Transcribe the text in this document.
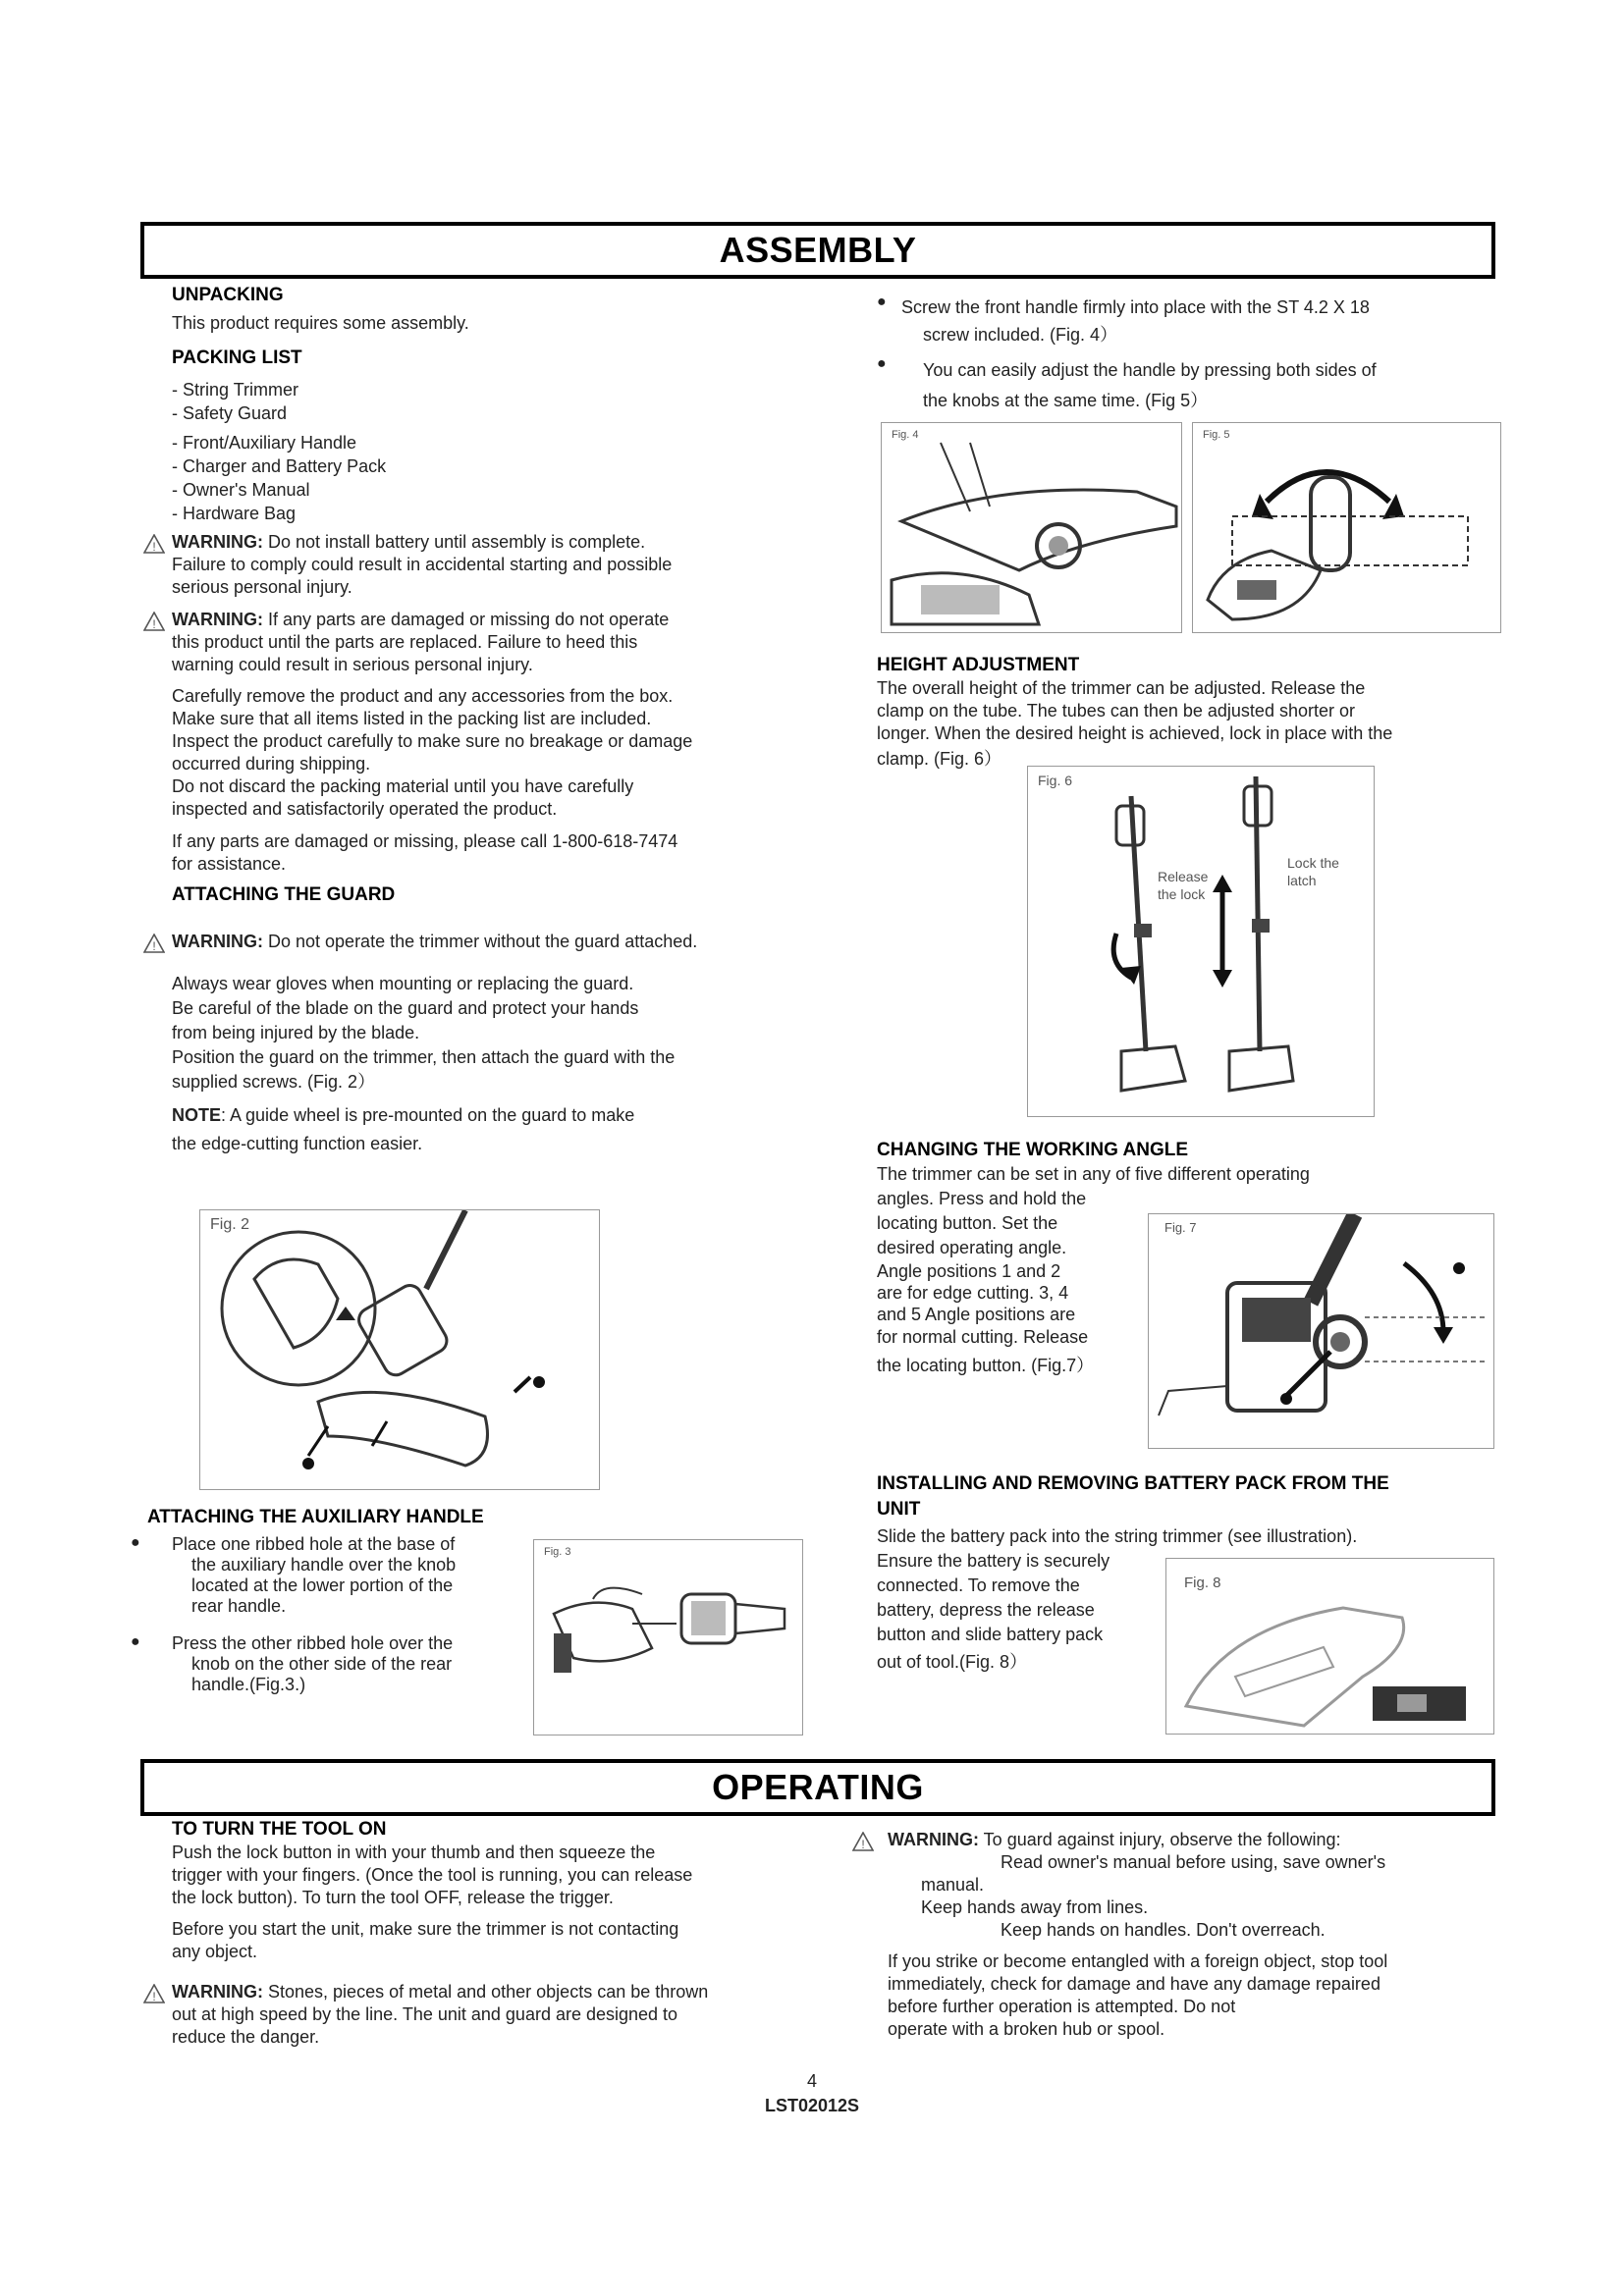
ASSEMBLY
UNPACKING
This product requires some assembly.
PACKING LIST
- String Trimmer
- Safety Guard
- Front/Auxiliary Handle
- Charger and Battery Pack
- Owner's Manual
- Hardware Bag
! WARNING: Do not install battery until assembly is complete.
Failure to comply could result in accidental starting and possible
serious personal injury.
! WARNING: If any parts are damaged or missing do not operate
this product until the parts are replaced. Failure to heed this
warning could result in serious personal injury.
Carefully remove the product and any accessories from the box.
Make sure that all items listed in the packing list are included.
Inspect the product carefully to make sure no breakage or damage
occurred during shipping.
Do not discard the packing material until you have carefully
inspected and satisfactorily operated the product.
If any parts are damaged or missing, please call 1-800-618-7474
for assistance.
ATTACHING THE GUARD
! WARNING: Do not operate the trimmer without the guard attached.
Always wear gloves when mounting or replacing the guard.
Be careful of the blade on the guard and protect your hands
from being injured by the blade.
Position the guard on the trimmer, then attach the guard with the
supplied screws. (Fig. 2）
NOTE: A guide wheel is pre-mounted on the guard to make
the edge-cutting function easier.
Fig. 2
ATTACHING THE AUXILIARY HANDLE
● Place one ribbed hole at the base of
the auxiliary handle over the knob
located at the lower portion of the
rear handle.
● Press the other ribbed hole over the
knob on the other side of the rear
handle.(Fig.3.)
Fig. 3
● Screw the front handle firmly into place with the ST 4.2 X 18
screw included. (Fig. 4）
● You can easily adjust the handle by pressing both sides of
the knobs at the same time. (Fig 5）
Fig. 4	Fig. 5
HEIGHT ADJUSTMENT
The overall height of the trimmer can be adjusted. Release the
clamp on the tube. The tubes can then be adjusted shorter or
longer. When the desired height is achieved, lock in place with the
clamp. (Fig. 6）
Fig. 6
Release
the lock
Lock the
latch
CHANGING THE WORKING ANGLE
The trimmer can be set in any of five different operating
angles. Press and hold the
locating button. Set the
desired operating angle.
Angle positions 1 and 2
are for edge cutting. 3, 4
and 5 Angle positions are
for normal cutting. Release
the locating button. (Fig.7）
Fig. 7
INSTALLING AND REMOVING BATTERY PACK FROM THE
UNIT
Slide the battery pack into the string trimmer (see illustration).
Ensure the battery is securely
connected. To remove the
battery, depress the release
button and slide battery pack
out of tool.(Fig. 8）
Fig. 8
OPERATING
TO TURN THE TOOL ON
Push the lock button in with your thumb and then squeeze the
trigger with your fingers. (Once the tool is running, you can release
the lock button). To turn the tool OFF, release the trigger.
Before you start the unit, make sure the trimmer is not contacting
any object.
! WARNING: Stones, pieces of metal and other objects can be thrown
out at high speed by the line. The unit and guard are designed to
reduce the danger.
! WARNING: To guard against injury, observe the following:
Read owner's manual before using, save owner's
manual.
Keep hands away from lines.
Keep hands on handles. Don't overreach.
If you strike or become entangled with a foreign object, stop tool
immediately, check for damage and have any damage repaired
before further operation is attempted. Do not
operate with a broken hub or spool.
4
LST02012S
